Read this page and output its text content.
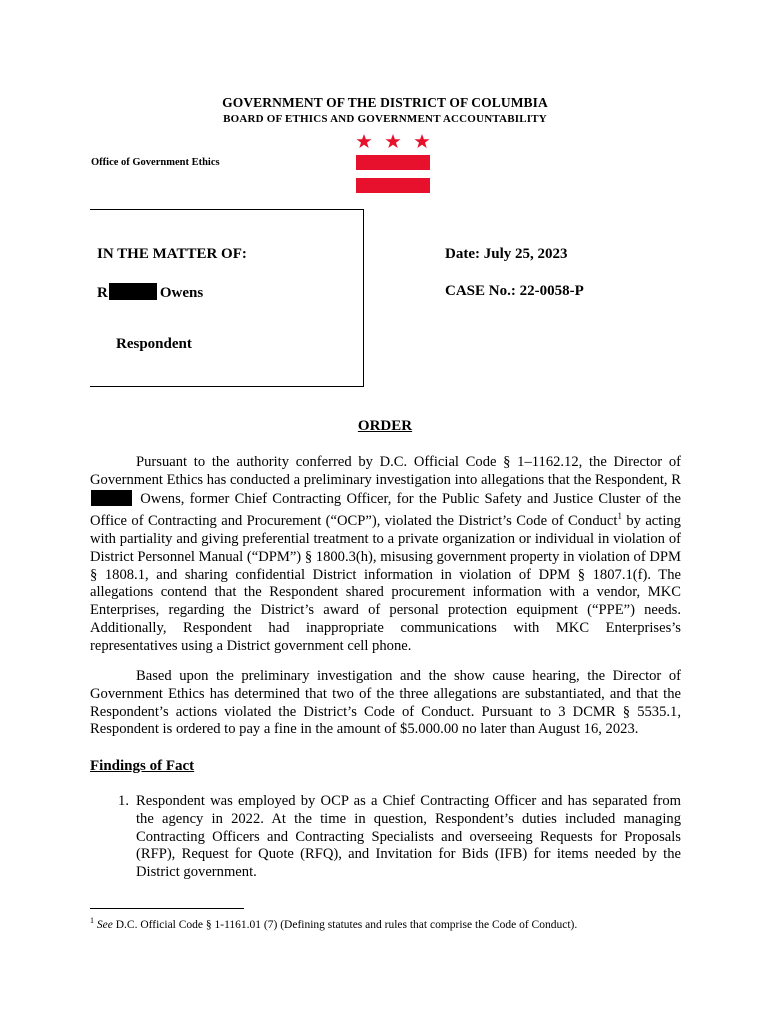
GOVERNMENT OF THE DISTRICT OF COLUMBIA
BOARD OF ETHICS AND GOVERNMENT ACCOUNTABILITY
Office of Government Ethics
IN THE MATTER OF:
R	Owens
Respondent
Date: July 25, 2023
CASE No.: 22-0058-P
ORDER
Pursuant to the authority conferred by D.C. Official Code § 1–1162.12, the Director of Government Ethics has conducted a preliminary investigation into allegations that the Respondent, R Owens, former Chief Contracting Officer, for the Public Safety and Justice Cluster of the Office of Contracting and Procurement (“OCP”), violated the District’s Code of Conduct$^1$ by acting with partiality and giving preferential treatment to a private organization or individual in violation of District Personnel Manual (“DPM”) § 1800.3(h), misusing government property in violation of DPM § 1808.1, and sharing confidential District information in violation of DPM § 1807.1(f). The allegations contend that the Respondent shared procurement information with a vendor, MKC Enterprises, regarding the District’s award of personal protection equipment (“PPE”) needs. Additionally, Respondent had inappropriate communications with MKC Enterprises’s representatives using a District government cell phone.
Based upon the preliminary investigation and the show cause hearing, the Director of Government Ethics has determined that two of the three allegations are substantiated, and that the Respondent’s actions violated the District’s Code of Conduct. Pursuant to 3 DCMR § 5535.1, Respondent is ordered to pay a fine in the amount of $5.000.00 no later than August 16, 2023.
Findings of Fact
1. Respondent was employed by OCP as a Chief Contracting Officer and has separated from the agency in 2022. At the time in question, Respondent’s duties included managing Contracting Officers and Contracting Specialists and overseeing Requests for Proposals (RFP), Request for Quote (RFQ), and Invitation for Bids (IFB) for items needed by the District government.
$^1$ See D.C. Official Code § 1-1161.01 (7) (Defining statutes and rules that comprise the Code of Conduct).
